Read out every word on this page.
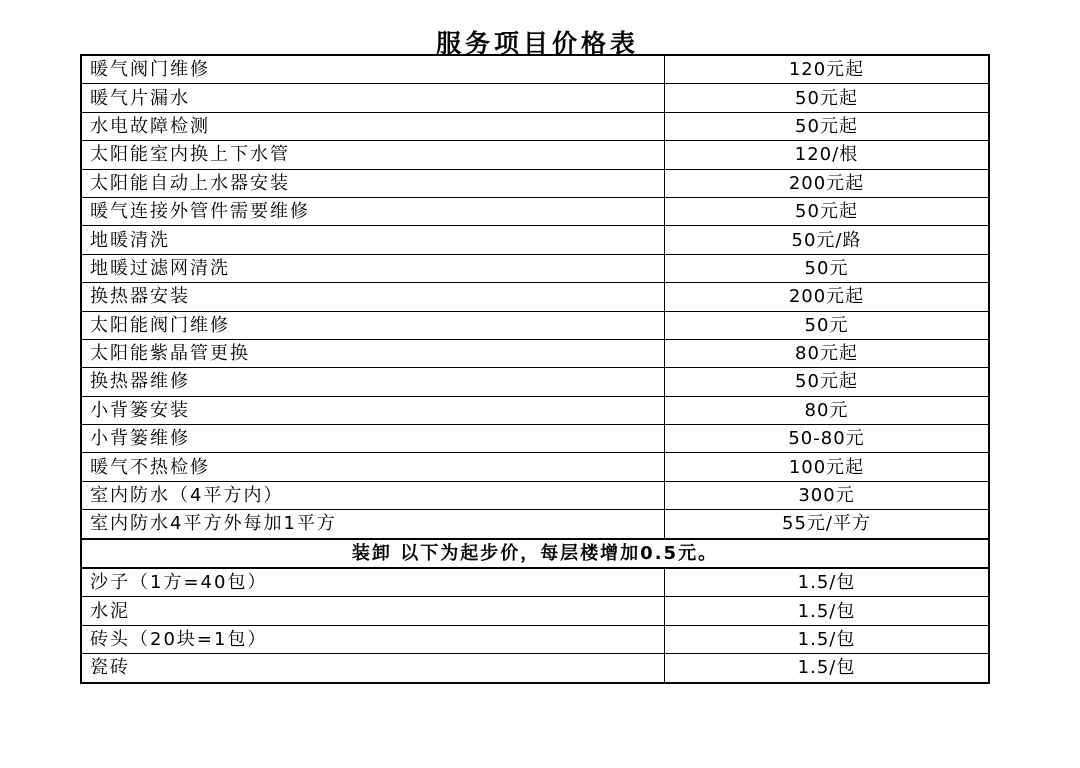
服务项目价格表
暖气阀门维修	120元起
暖气片漏水	50元起
水电故障检测	50元起
太阳能室内换上下水管	120/根
太阳能自动上水器安装	200元起
暖气连接外管件需要维修	50元起
地暖清洗	50元/路
地暖过滤网清洗	50元
换热器安装	200元起
太阳能阀门维修	50元
太阳能紫晶管更换	80元起
换热器维修	50元起
小背篓安装	80元
小背篓维修	50-80元
暖气不热检修	100元起
室内防水（4平方内）	300元
室内防水4平方外每加1平方	55元/平方
装卸 以下为起步价，每层楼增加0.5元。	
沙子（1方=40包）	1.5/包
水泥	1.5/包
砖头（20块=1包）	1.5/包
瓷砖	1.5/包
